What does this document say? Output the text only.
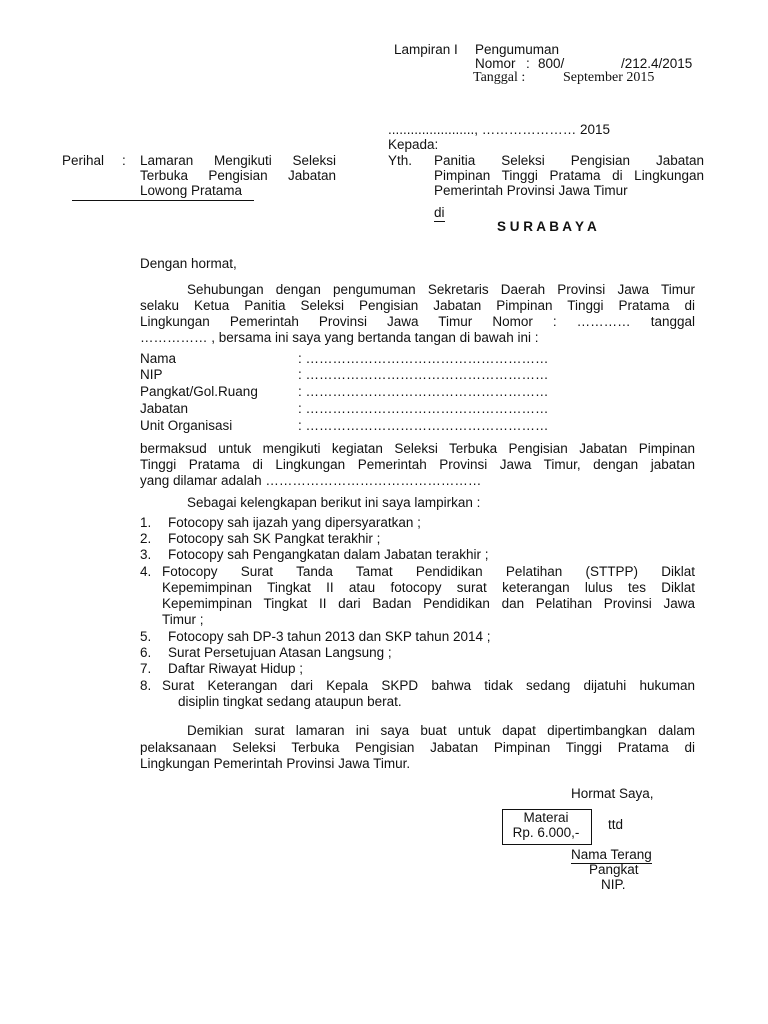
Lampiran I Pengumuman
Nomor : 800/	/212.4/2015
Tanggal :	September 2015
......................., ………………… 2015
Kepada:
Perihal : Lamaran Mengikuti Seleksi
Terbuka Pengisian Jabatan
Lowong Pratama
Yth. Panitia Seleksi Pengisian Jabatan
Pimpinan Tinggi Pratama di Lingkungan
Pemerintah Provinsi Jawa Timur
di
S U R A B A Y A
Dengan hormat,
Sehubungan dengan pengumuman Sekretaris Daerah Provinsi Jawa Timur
selaku Ketua Panitia Seleksi Pengisian Jabatan Pimpinan Tinggi Pratama di
Lingkungan Pemerintah Provinsi Jawa Timur Nomor : ………… tanggal
…………… , bersama ini saya yang bertanda tangan di bawah ini :
Nama	: ………………………………………………
NIP	: ………………………………………………
Pangkat/Gol.Ruang	: ………………………………………………
Jabatan	: ………………………………………………
Unit Organisasi	: ………………………………………………
bermaksud untuk mengikuti kegiatan Seleksi Terbuka Pengisian Jabatan Pimpinan
Tinggi Pratama di Lingkungan Pemerintah Provinsi Jawa Timur, dengan jabatan
yang dilamar adalah …………………………………………
Sebagai kelengkapan berikut ini saya lampirkan :
1. Fotocopy sah ijazah yang dipersyaratkan ;
2. Fotocopy sah SK Pangkat terakhir ;
3. Fotocopy sah Pengangkatan dalam Jabatan terakhir ;
4. Fotocopy Surat Tanda Tamat Pendidikan Pelatihan (STTPP) Diklat
Kepemimpinan Tingkat II atau fotocopy surat keterangan lulus tes Diklat
Kepemimpinan Tingkat II dari Badan Pendidikan dan Pelatihan Provinsi Jawa
Timur ;
5. Fotocopy sah DP-3 tahun 2013 dan SKP tahun 2014 ;
6. Surat Persetujuan Atasan Langsung ;
7. Daftar Riwayat Hidup ;
8. Surat Keterangan dari Kepala SKPD bahwa tidak sedang dijatuhi hukuman
disiplin tingkat sedang ataupun berat.
Demikian surat lamaran ini saya buat untuk dapat dipertimbangkan dalam
pelaksanaan Seleksi Terbuka Pengisian Jabatan Pimpinan Tinggi Pratama di
Lingkungan Pemerintah Provinsi Jawa Timur.
Hormat Saya,
Materai
Rp. 6.000,-
ttd
Nama Terang
Pangkat
NIP.
